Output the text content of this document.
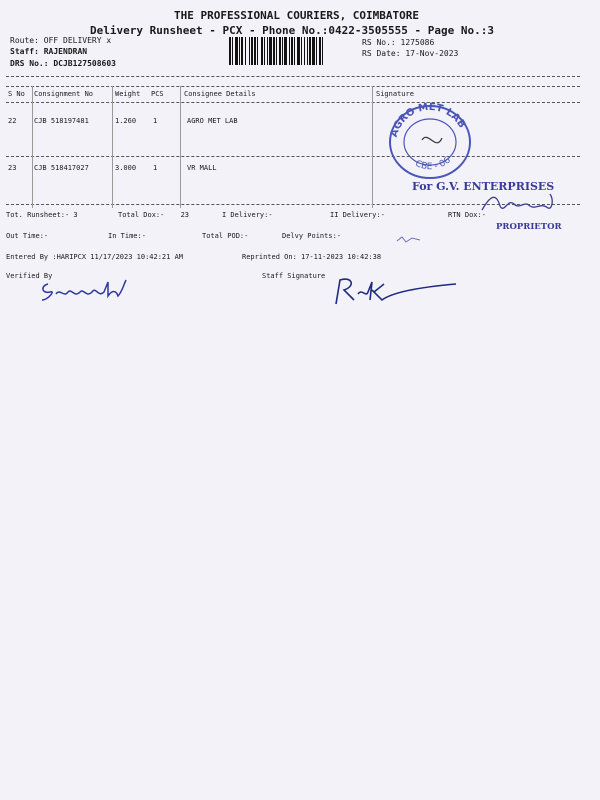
THE PROFESSIONAL COURIERS, COIMBATORE
Delivery Runsheet - PCX - Phone No.:0422-3505555 - Page No.:3
Route: OFF DELIVERY x
Staff: RAJENDRAN
DRS No.: DCJB127508603
RS No.: 1275086
RS Date: 17-Nov-2023
S No Consignment No	Weight PCS	Consignee Details	Signature
22	CJB 518197481	1.260 1	AGRO MET LAB
23	CJB 518417027	3.000 1	VR MALL
AGRO MET LAB
CBE - 06
For G.V. ENTERPRISES
PROPRIETOR
Tot. Runsheet:- 3	Total Dox:- 23	I Delivery:-	II Delivery:-	RTN Dox:-
Out Time:-	In Time:-	Total POD:-	Delvy Points:-
Entered By :HARIPCX 11/17/2023 10:42:21 AM	Reprinted On: 17-11-2023 10:42:38
Verified By	Staff Signature
